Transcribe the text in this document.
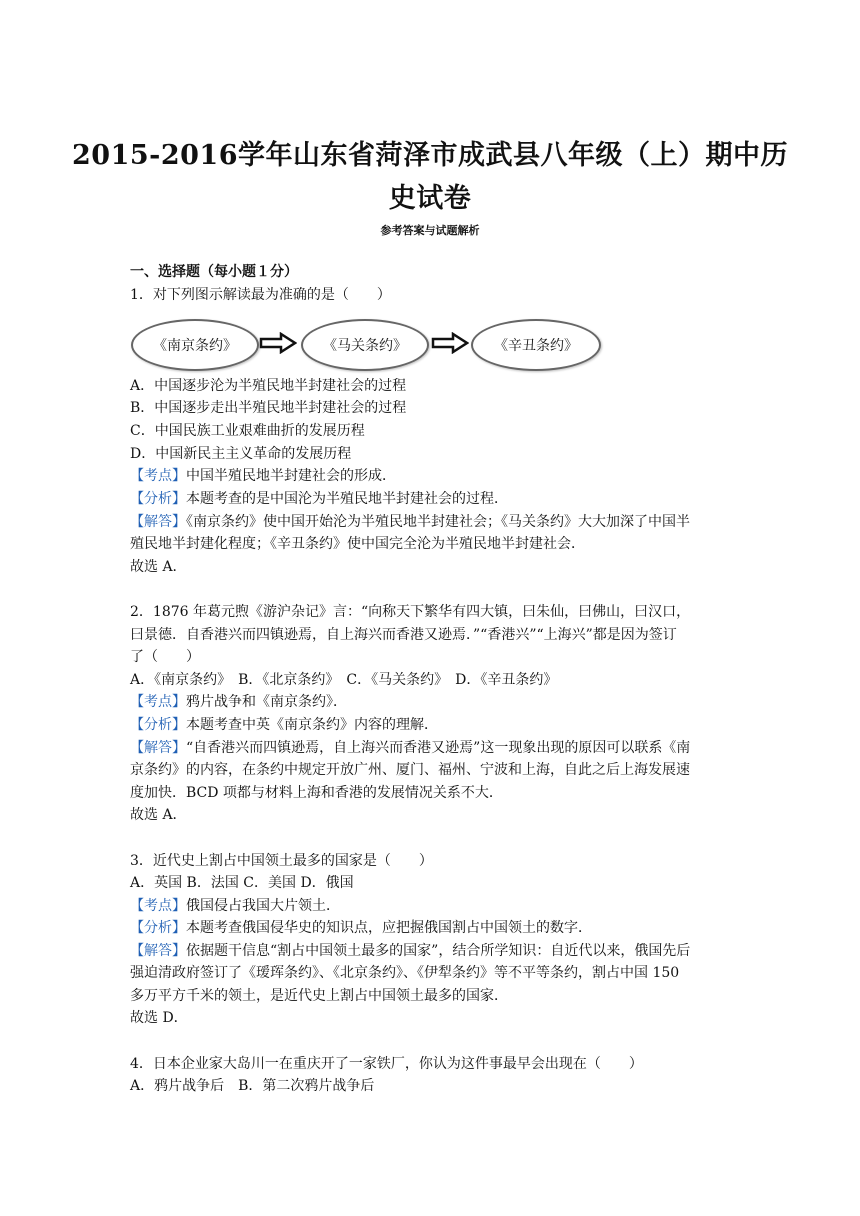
2015-2016学年山东省菏泽市成武县八年级（上）期中历
史试卷
参考答案与试题解析
一、选择题（每小题１分）
1．对下列图示解读最为准确的是（　　）
《南京条约》	《马关条约》	《辛丑条约》
A．中国逐步沦为半殖民地半封建社会的过程
B．中国逐步走出半殖民地半封建社会的过程
C．中国民族工业艰难曲折的发展历程
D．中国新民主主义革命的发展历程
【考点】中国半殖民地半封建社会的形成．
【分析】本题考查的是中国沦为半殖民地半封建社会的过程．
【解答】《南京条约》使中国开始沦为半殖民地半封建社会；《马关条约》大大加深了中国半
殖民地半封建化程度；《辛丑条约》使中国完全沦为半殖民地半封建社会．
故选 A．
2．1876 年葛元煦《游沪杂记》言：“向称天下繁华有四大镇，曰朱仙，曰佛山，曰汉口，
曰景德．自香港兴而四镇逊焉，自上海兴而香港又逊焉．”“香港兴”“上海兴”都是因为签订
了（　　）
A．《南京条约》　B．《北京条约》　C．《马关条约》　D．《辛丑条约》
【考点】鸦片战争和《南京条约》．
【分析】本题考查中英《南京条约》内容的理解．
【解答】“自香港兴而四镇逊焉，自上海兴而香港又逊焉”这一现象出现的原因可以联系《南
京条约》的内容，在条约中规定开放广州、厦门、福州、宁波和上海，自此之后上海发展速
度加快．BCD 项都与材料上海和香港的发展情况关系不大．
故选 A．
3．近代史上割占中国领土最多的国家是（　　）
A．英国 B．法国 C．美国 D．俄国
【考点】俄国侵占我国大片领土．
【分析】本题考查俄国侵华史的知识点，应把握俄国割占中国领土的数字．
【解答】依据题干信息“割占中国领土最多的国家”，结合所学知识：自近代以来，俄国先后
强迫清政府签订了《瑷珲条约》、《北京条约》、《伊犁条约》等不平等条约，割占中国 150
多万平方千米的领土，是近代史上割占中国领土最多的国家．
故选 D．
4．日本企业家大岛川一在重庆开了一家铁厂，你认为这件事最早会出现在（　　）
A．鸦片战争后　B．第二次鸦片战争后
